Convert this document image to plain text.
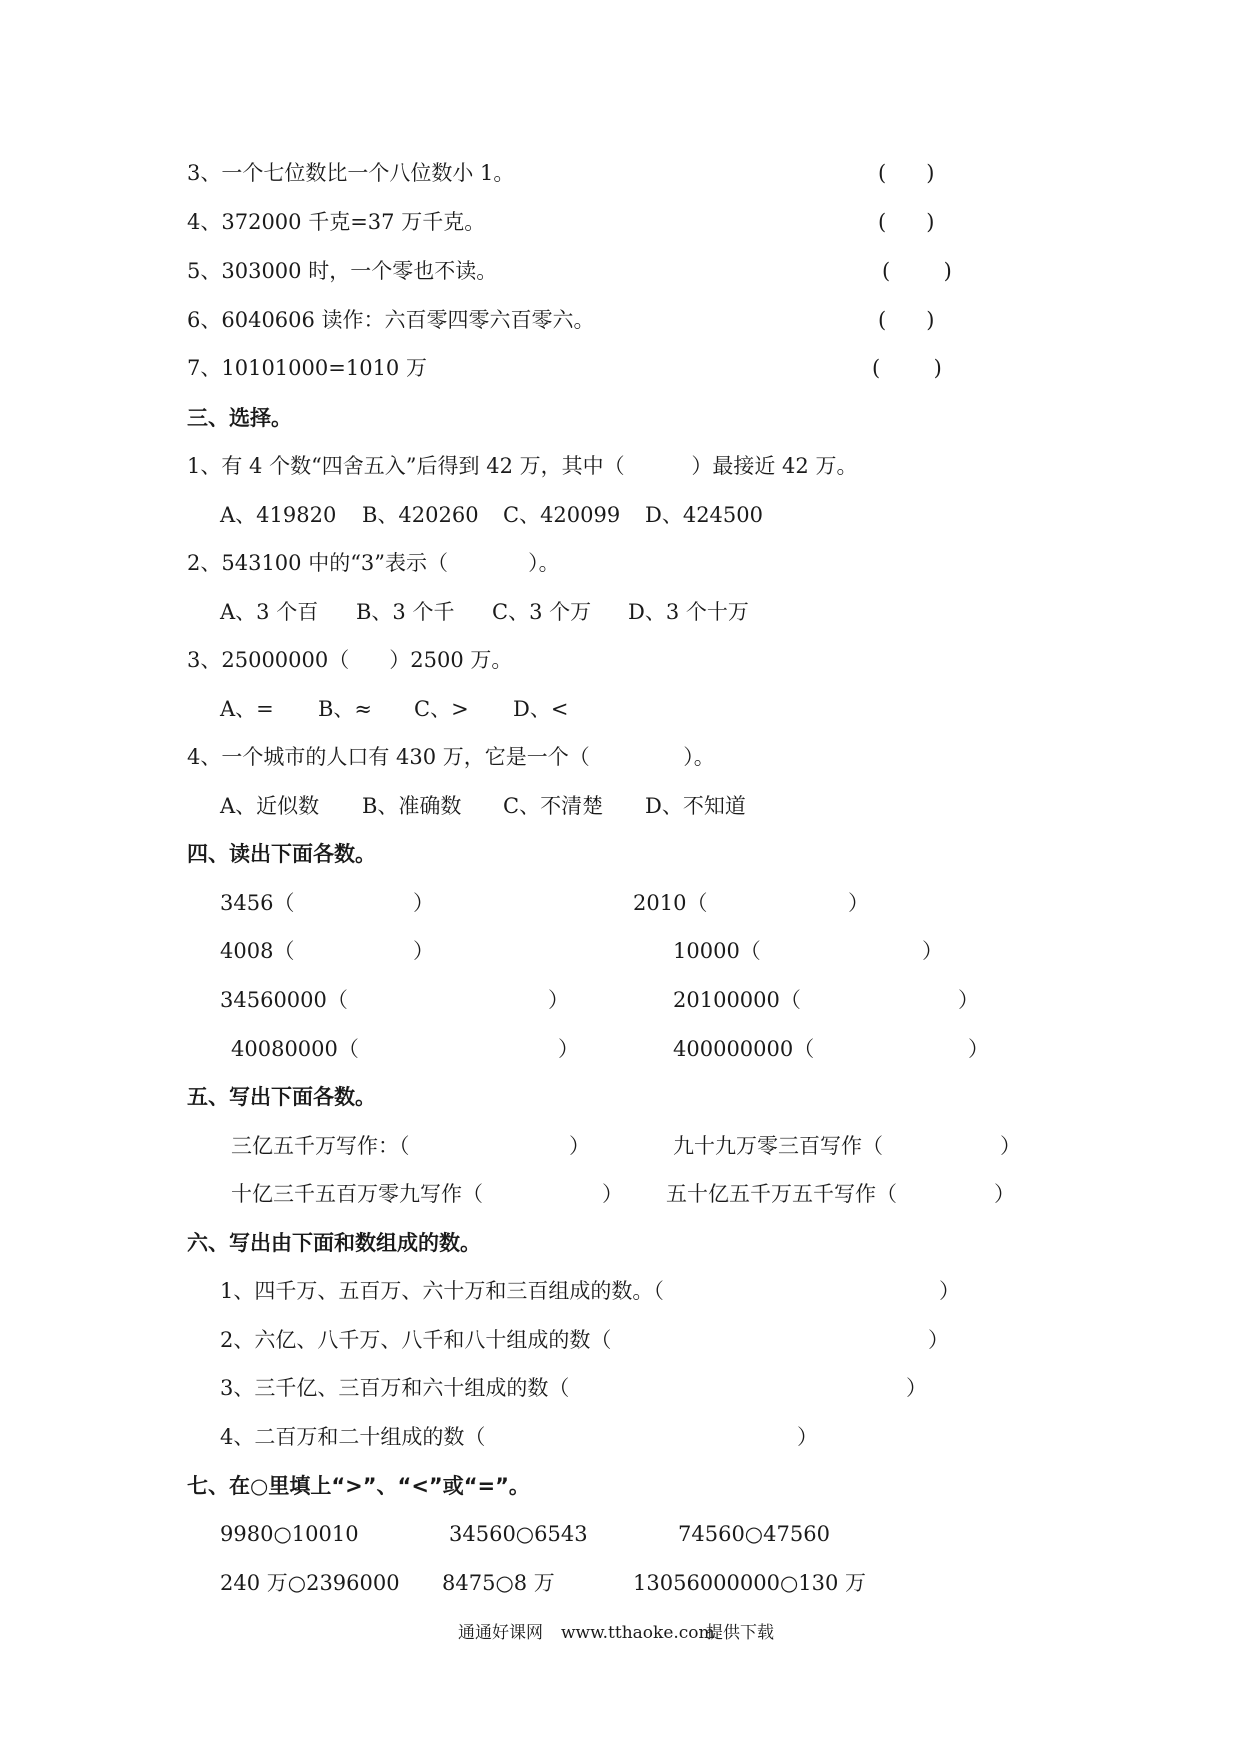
3、一个七位数比一个八位数小 1。	(      )
4、372000 千克=37 万千克。	(      )
5、303000 时，一个零也不读。	(        )
6、6040606 读作：六百零四零六百零六。	(      )
7、10101000=1010 万	(        )
三、选择。
1、有 4 个数“四舍五入”后得到 42 万，其中（          ）最接近 42 万。
A、419820 B、420260 C、420099 D、424500
2、543100 中的“3”表示（            ）。
A、3 个百 B、3 个千 C、3 个万 D、3 个十万
3、25000000（      ）2500 万。
A、= B、≈ C、> D、<
4、一个城市的人口有 430 万，它是一个（              ）。
A、近似数 B、准确数 C、不清楚 D、不知道
四、读出下面各数。
3456（	）	2010（	）
4008（	）	10000（	）
34560000（	）	20100000（	）
40080000（	）	400000000（	）
五、写出下面各数。
三亿五千万写作：（	）	九十九万零三百写作（	）
十亿三千五百万零九写作（	） 五十亿五千万五千写作（	）
六、写出由下面和数组成的数。
1、四千万、五百万、六十万和三百组成的数。（	）
2、六亿、八千万、八千和八十组成的数（	）
3、三千亿、三百万和六十组成的数（	）
4、二百万和二十组成的数（	）
七、在○里填上“>”、“<”或“=”。
9980○10010	34560○6543	74560○47560
240 万○2396000 8475○8 万	13056000000○130 万
通通好课网 www.tthaoke.com
提供下载
